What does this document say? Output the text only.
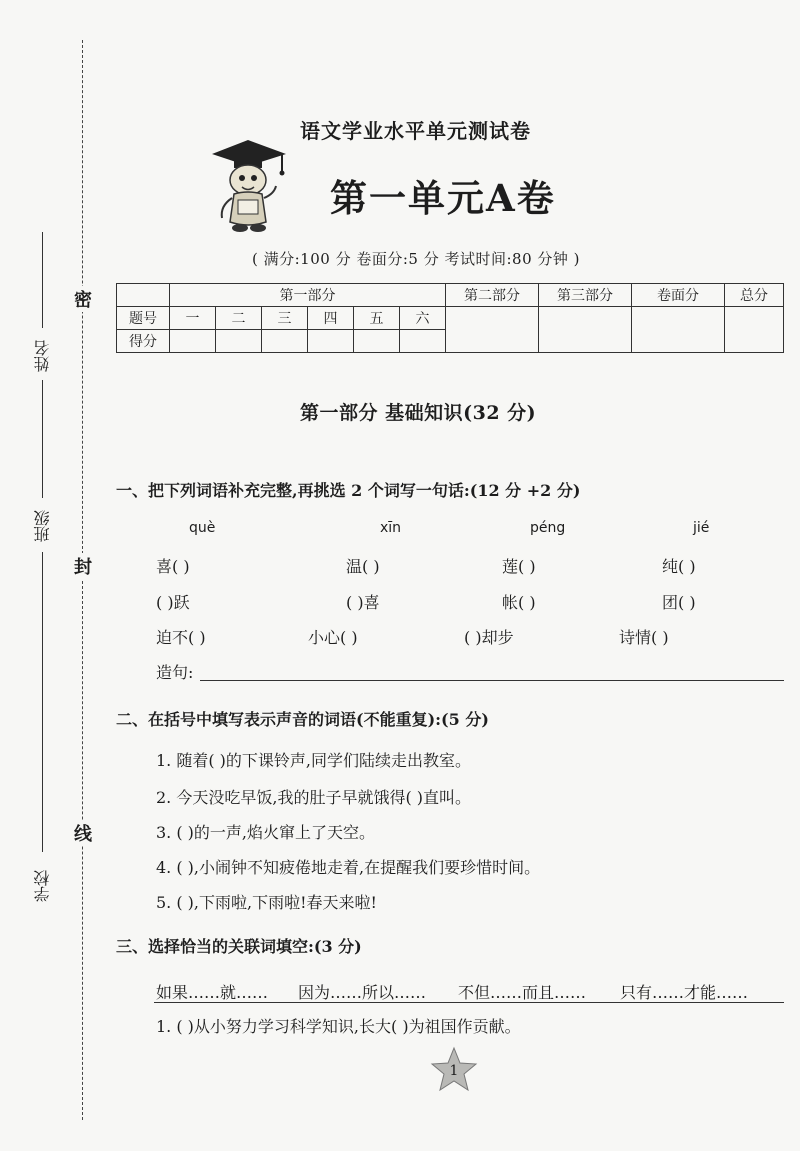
密
封
线
姓名
班级
学校
语文学业水平单元测试卷
第一单元A卷
( 满分:100 分 卷面分:5 分 考试时间:80 分钟 )
	第一部分						第二部分	第三部分	卷面分	总分
题号	一	二	三	四	五	六				
得分										
第一部分 基础知识(32 分)
一、把下列词语补充完整,再挑选 2 个词写一句话:(12 分 +2 分)
què	xīn	péng	jié
喜( )	温( )	莲( )	纯( )
( )跃	( )喜	帐( )	团( )
迫不( )	小心( )	( )却步	诗情( )
造句:
二、在括号中填写表示声音的词语(不能重复):(5 分)
1. 随着( )的下课铃声,同学们陆续走出教室。
2. 今天没吃早饭,我的肚子早就饿得( )直叫。
3. ( )的一声,焰火窜上了天空。
4. ( ),小闹钟不知疲倦地走着,在提醒我们要珍惜时间。
5. ( ),下雨啦,下雨啦!春天来啦!
三、选择恰当的关联词填空:(3 分)
如果……就…… 因为……所以…… 不但……而且…… 只有……才能……
1. ( )从小努力学习科学知识,长大( )为祖国作贡献。
1
